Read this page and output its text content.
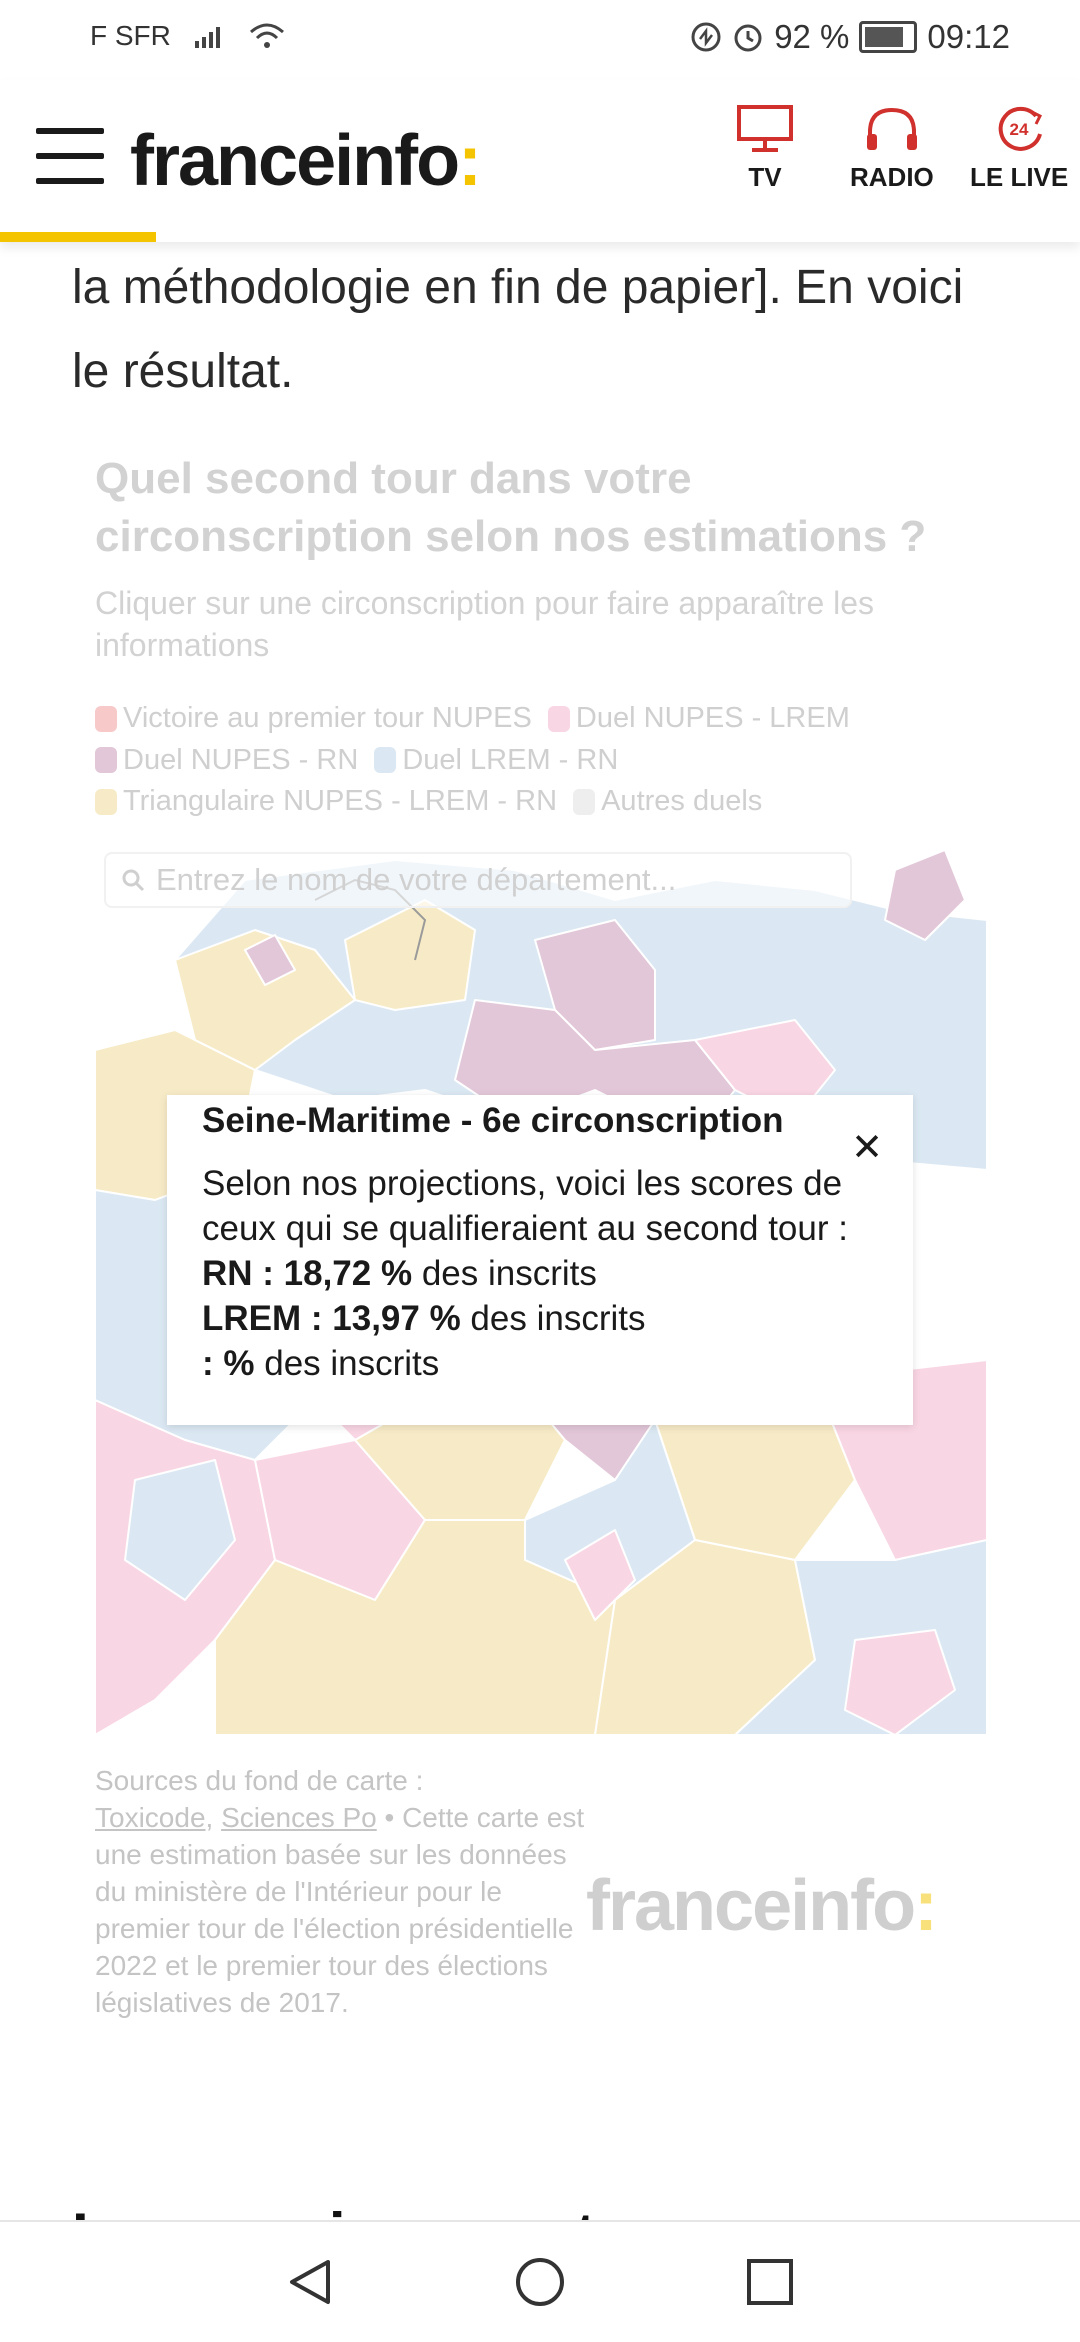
F SFR	92 % 09:12
franceinfo:	TV	RADIO
24
LE LIVE
la méthodologie en fin de papier]. En voici le résultat.
Quel second tour dans votre circonscription selon nos estimations ?
Cliquer sur une circonscription pour faire apparaître les informations
Victoire au premier tour NUPES
Duel NUPES - LREM

Duel NUPES - RN
Duel LREM - RN

Triangulaire NUPES - LREM - RN
Autres duels
Entrez le nom de votre département...
Seine-Maritime - 6e circonscription
✕
Selon nos projections, voici les scores de ceux qui se qualifieraient au second tour :
RN : 18,72 % des inscrits
LREM : 13,97 % des inscrits
: % des inscrits
Sources du fond de carte :
Toxicode, Sciences Po • Cette carte est une estimation basée sur les données du ministère de l'Intérieur pour le premier tour de l'élection présidentielle 2022 et le premier tour des élections législatives de 2017.
franceinfo:
